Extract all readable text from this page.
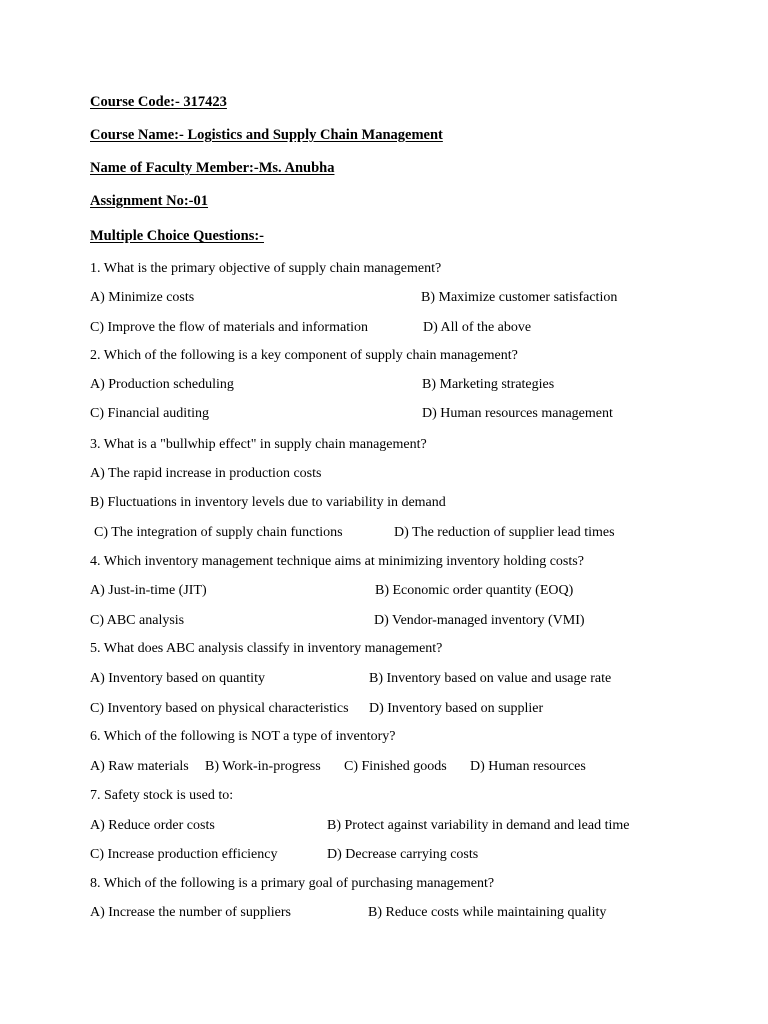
Course Code:- 317423
Course Name:- Logistics and Supply Chain Management
Name of Faculty Member:-Ms. Anubha
Assignment No:-01
Multiple Choice Questions:-
1. What is the primary objective of supply chain management?
A) Minimize costs	B) Maximize customer satisfaction
C) Improve the flow of materials and information	D) All of the above
2. Which of the following is a key component of supply chain management?
A) Production scheduling	B) Marketing strategies
C) Financial auditing	D) Human resources management
3. What is a "bullwhip effect" in supply chain management?
A) The rapid increase in production costs
B) Fluctuations in inventory levels due to variability in demand
C) The integration of supply chain functions	D) The reduction of supplier lead times
4. Which inventory management technique aims at minimizing inventory holding costs?
A) Just-in-time (JIT)	B) Economic order quantity (EOQ)
C) ABC analysis	D) Vendor-managed inventory (VMI)
5. What does ABC analysis classify in inventory management?
A) Inventory based on quantity	B) Inventory based on value and usage rate
C) Inventory based on physical characteristics D) Inventory based on supplier
6. Which of the following is NOT a type of inventory?
A) Raw materials B) Work-in-progress C) Finished goods D) Human resources
7. Safety stock is used to:
A) Reduce order costs	B) Protect against variability in demand and lead time
C) Increase production efficiency	D) Decrease carrying costs
8. Which of the following is a primary goal of purchasing management?
A) Increase the number of suppliers	B) Reduce costs while maintaining quality
